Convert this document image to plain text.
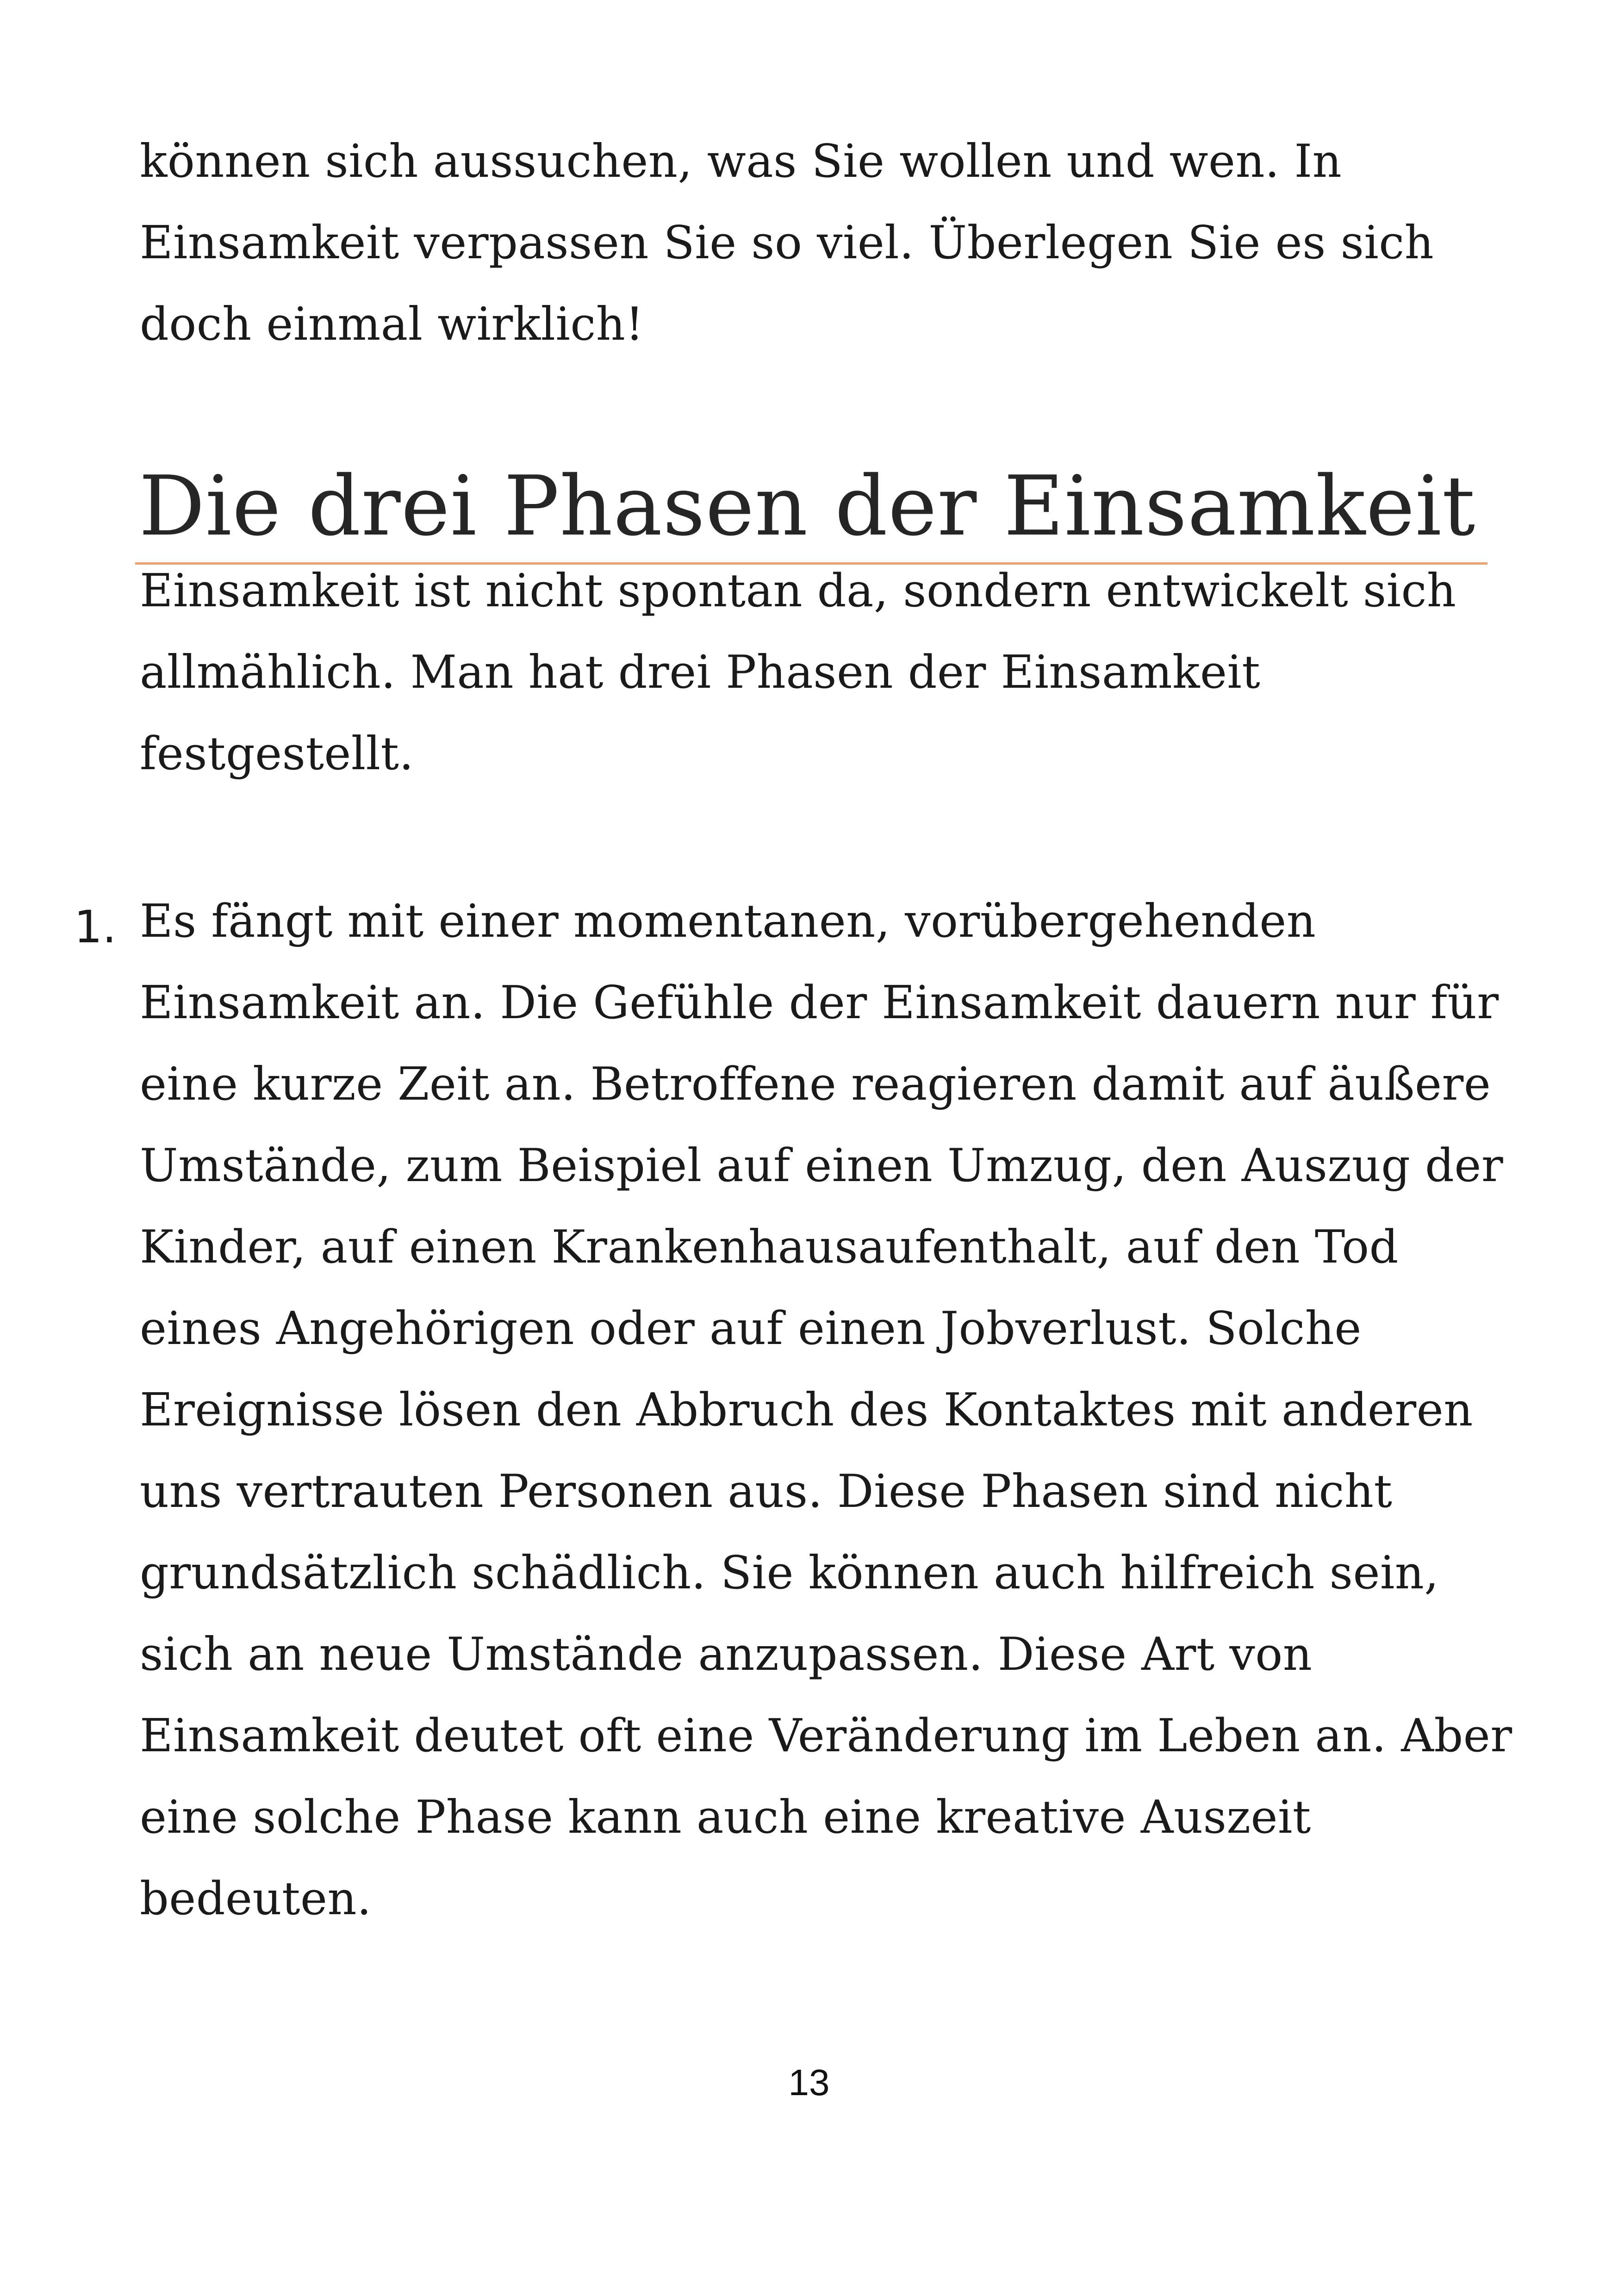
können sich aussuchen, was Sie wollen und wen. In
Einsamkeit verpassen Sie so viel. Überlegen Sie es sich
doch einmal wirklich!
Die drei Phasen der Einsamkeit
Einsamkeit ist nicht spontan da, sondern entwickelt sich
allmählich. Man hat drei Phasen der Einsamkeit
festgestellt.
1. Es fängt mit einer momentanen, vorübergehenden
Einsamkeit an. Die Gefühle der Einsamkeit dauern nur für
eine kurze Zeit an. Betroffene reagieren damit auf äußere
Umstände, zum Beispiel auf einen Umzug, den Auszug der
Kinder, auf einen Krankenhausaufenthalt, auf den Tod
eines Angehörigen oder auf einen Jobverlust. Solche
Ereignisse lösen den Abbruch des Kontaktes mit anderen
uns vertrauten Personen aus. Diese Phasen sind nicht
grundsätzlich schädlich. Sie können auch hilfreich sein,
sich an neue Umstände anzupassen. Diese Art von
Einsamkeit deutet oft eine Veränderung im Leben an. Aber
eine solche Phase kann auch eine kreative Auszeit
bedeuten.
13
